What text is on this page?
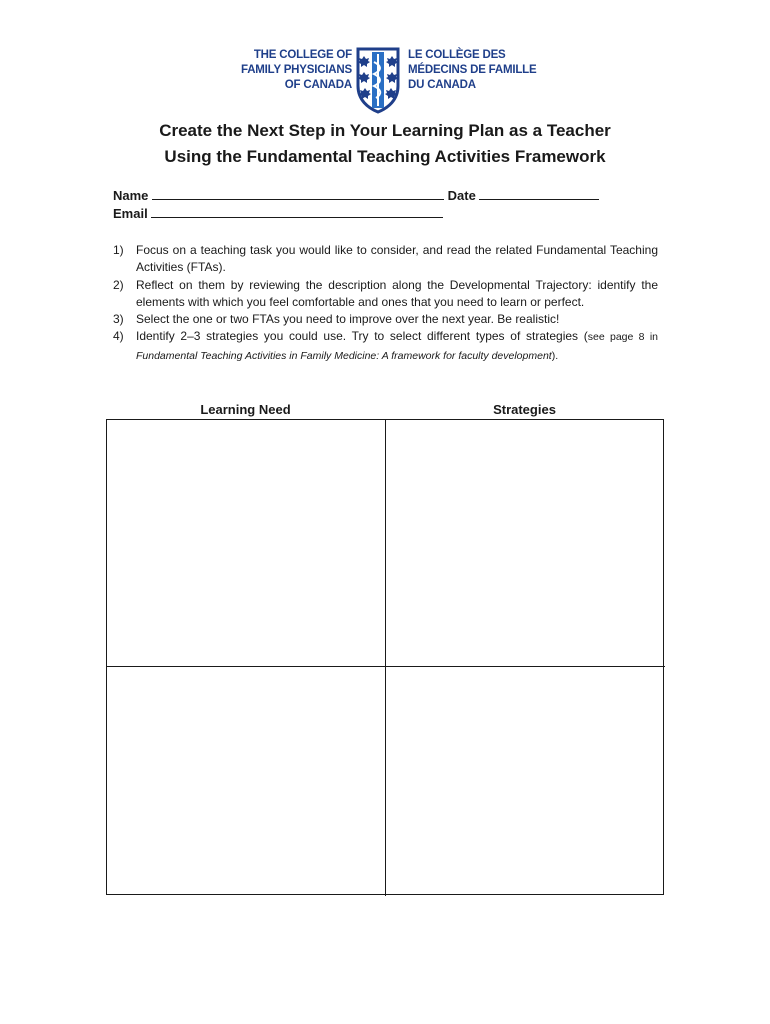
THE COLLEGE OF
FAMILY PHYSICIANS
OF CANADA
LE COLLÈGE DES
MÉDECINS DE FAMILLE
DU CANADA
Create the Next Step in Your Learning Plan as a Teacher
Using the Fundamental Teaching Activities Framework
Name	Date
Email
1) Focus on a teaching task you would like to consider, and read the related Fundamental Teaching Activities (FTAs).
2) Reflect on them by reviewing the description along the Developmental Trajectory: identify the elements with which you feel comfortable and ones that you need to learn or perfect.
3) Select the one or two FTAs you need to improve over the next year. Be realistic!
4) Identify 2–3 strategies you could use. Try to select different types of strategies (see page 8 in Fundamental Teaching Activities in Family Medicine: A framework for faculty development).
Learning Need	Strategies
